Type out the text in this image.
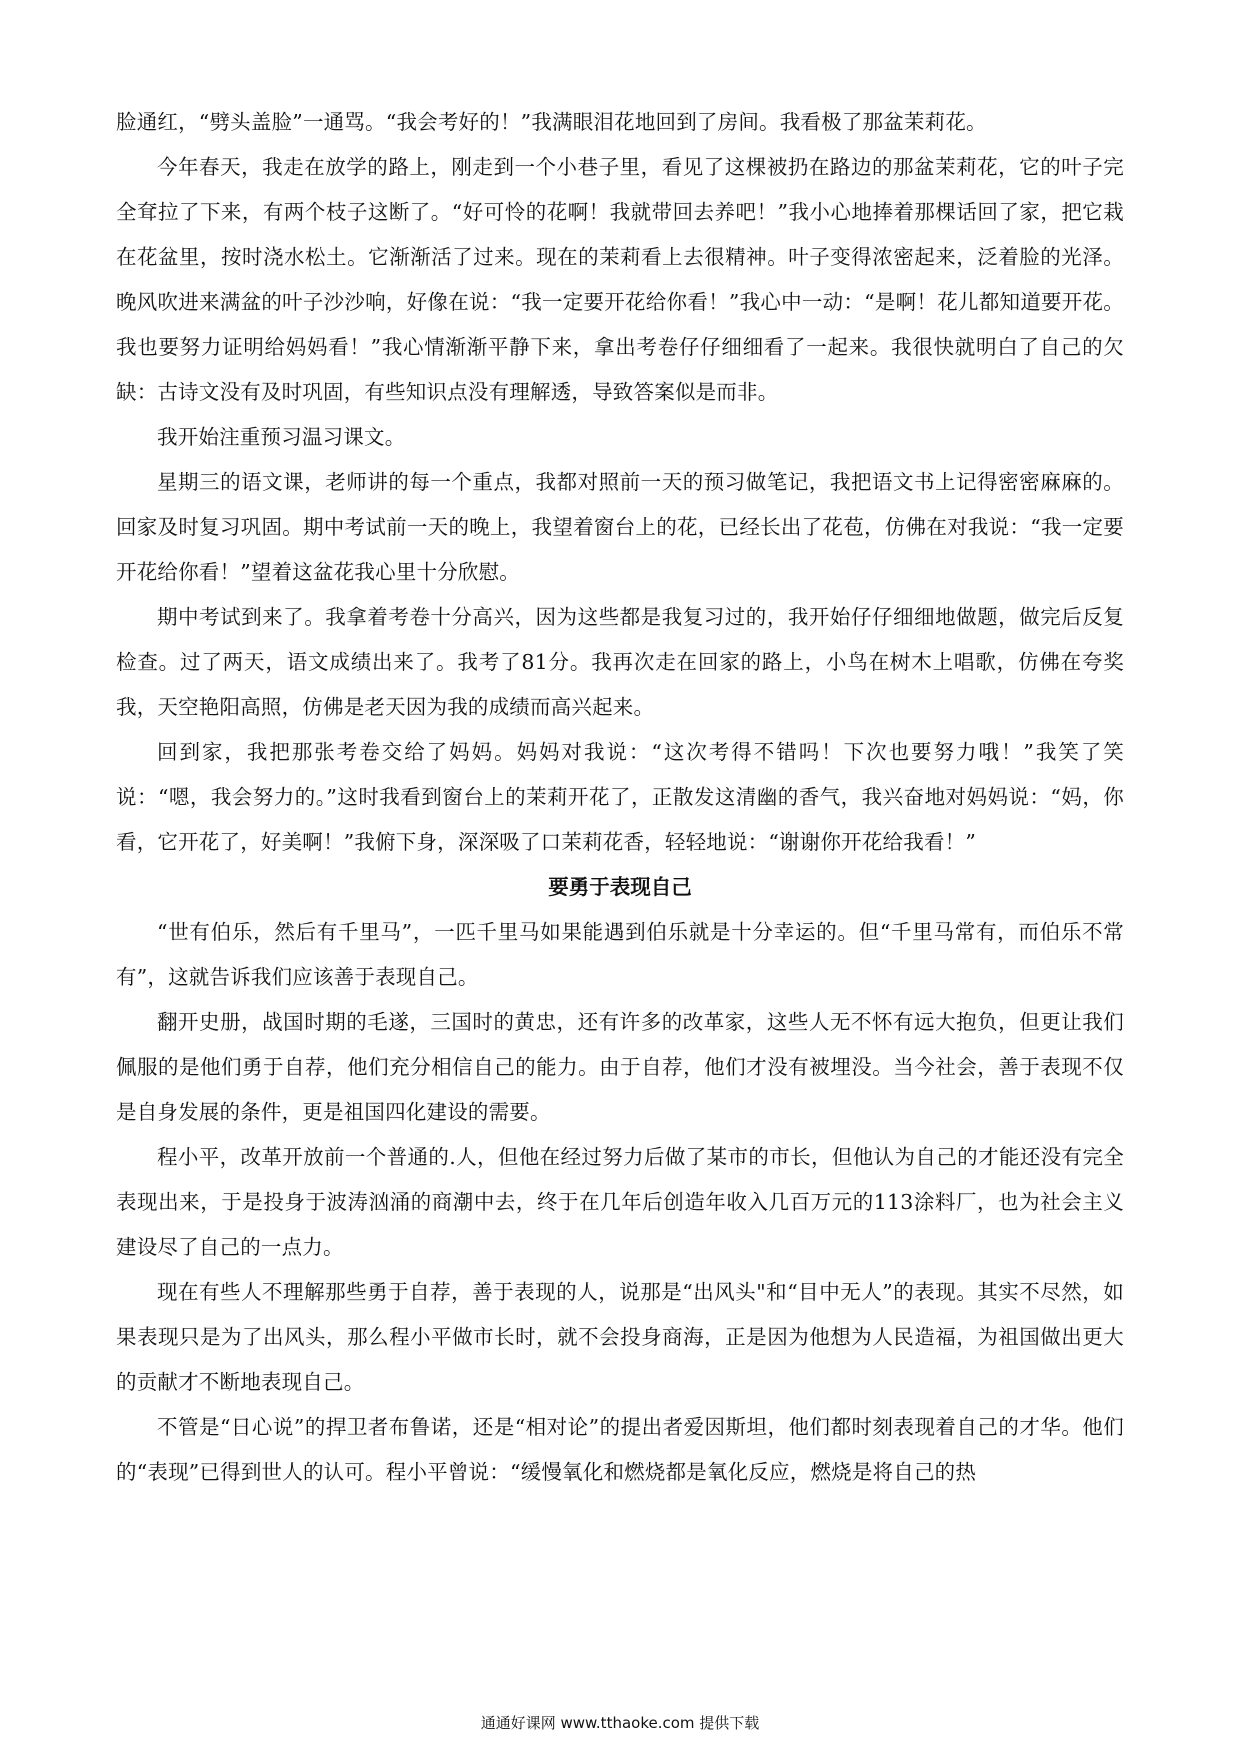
脸通红，“劈头盖脸”一通骂。“我会考好的！”我满眼泪花地回到了房间。我看极了那盆茉莉花。

今年春天，我走在放学的路上，刚走到一个小巷子里，看见了这棵被扔在路边的那盆茉莉花，它的叶子完全耷拉了下来，有两个枝子这断了。“好可怜的花啊！我就带回去养吧！”我小心地捧着那棵话回了家，把它栽在花盆里，按时浇水松土。它渐渐活了过来。现在的茉莉看上去很精神。叶子变得浓密起来，泛着脸的光泽。晚风吹进来满盆的叶子沙沙响，好像在说：“我一定要开花给你看！”我心中一动：“是啊！花儿都知道要开花。我也要努力证明给妈妈看！”我心情渐渐平静下来，拿出考卷仔仔细细看了一起来。我很快就明白了自己的欠缺：古诗文没有及时巩固，有些知识点没有理解透，导致答案似是而非。

我开始注重预习温习课文。

星期三的语文课，老师讲的每一个重点，我都对照前一天的预习做笔记，我把语文书上记得密密麻麻的。回家及时复习巩固。期中考试前一天的晚上，我望着窗台上的花，已经长出了花苞，仿佛在对我说：“我一定要开花给你看！”望着这盆花我心里十分欣慰。

期中考试到来了。我拿着考卷十分高兴，因为这些都是我复习过的，我开始仔仔细细地做题，做完后反复检查。过了两天，语文成绩出来了。我考了81分。我再次走在回家的路上，小鸟在树木上唱歌，仿佛在夸奖我，天空艳阳高照，仿佛是老天因为我的成绩而高兴起来。

回到家，我把那张考卷交给了妈妈。妈妈对我说：“这次考得不错吗！下次也要努力哦！”我笑了笑说：“嗯，我会努力的。”这时我看到窗台上的茉莉开花了，正散发这清幽的香气，我兴奋地对妈妈说：“妈，你看，它开花了，好美啊！”我俯下身，深深吸了口茉莉花香，轻轻地说：“谢谢你开花给我看！”

要勇于表现自己

“世有伯乐，然后有千里马”，一匹千里马如果能遇到伯乐就是十分幸运的。但“千里马常有，而伯乐不常有”，这就告诉我们应该善于表现自己。

翻开史册，战国时期的毛遂，三国时的黄忠，还有许多的改革家，这些人无不怀有远大抱负，但更让我们佩服的是他们勇于自荐，他们充分相信自己的能力。由于自荐，他们才没有被埋没。当今社会，善于表现不仅是自身发展的条件，更是祖国四化建设的需要。

程小平，改革开放前一个普通的.人，但他在经过努力后做了某市的市长，但他认为自己的才能还没有完全表现出来，于是投身于波涛汹涌的商潮中去，终于在几年后创造年收入几百万元的113涂料厂，也为社会主义建设尽了自己的一点力。

现在有些人不理解那些勇于自荐，善于表现的人，说那是“出风头"和“目中无人”的表现。其实不尽然，如果表现只是为了出风头，那么程小平做市长时，就不会投身商海，正是因为他想为人民造福，为祖国做出更大的贡献才不断地表现自己。

不管是“日心说”的捍卫者布鲁诺，还是“相对论”的提出者爱因斯坦，他们都时刻表现着自己的才华。他们的“表现”已得到世人的认可。程小平曾说：“缓慢氧化和燃烧都是氧化反应，燃烧是将自己的热

通通好课网 www.tthaoke.com 提供下载
